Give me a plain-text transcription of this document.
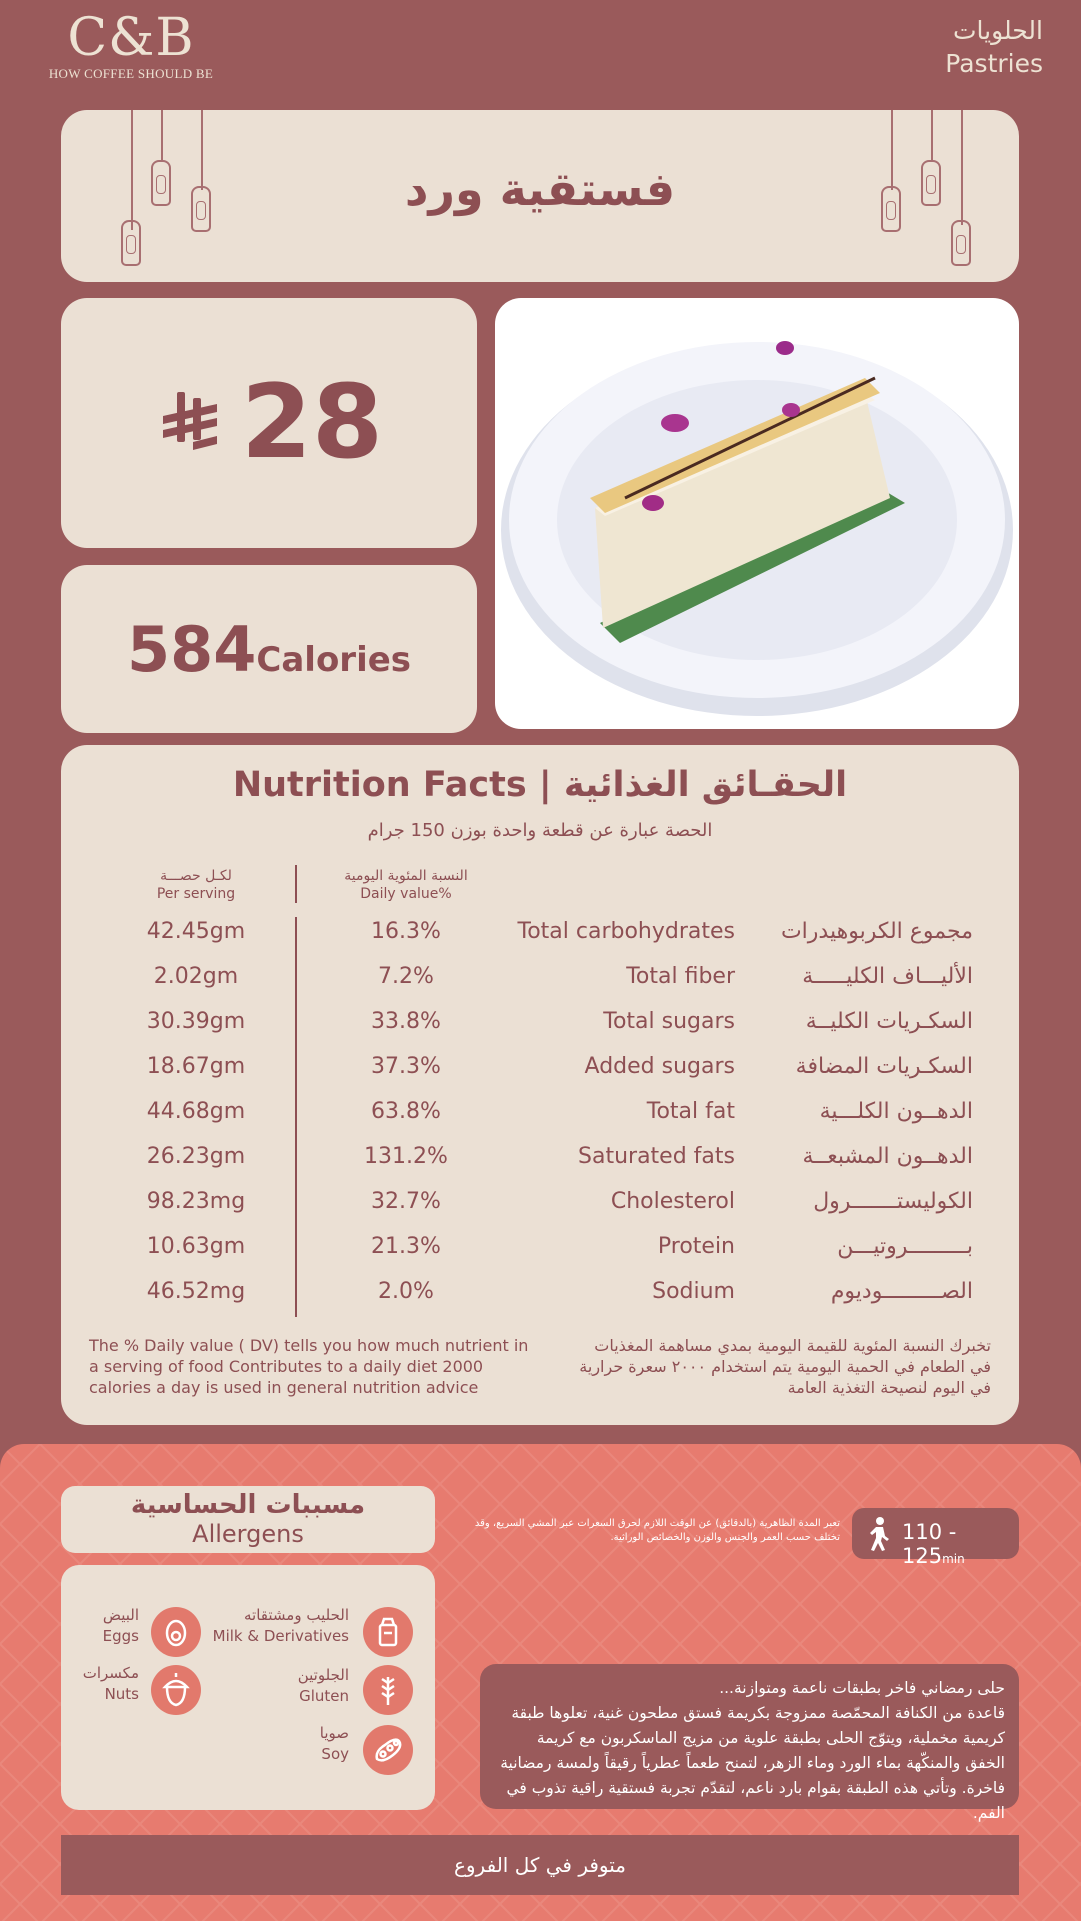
C&B
HOW COFFEE SHOULD BE
الحلويات
Pastries
فستقية ورد
28
584Calories
Nutrition Facts | الحقـائق الغذائية
الحصة عبارة عن قطعة واحدة بوزن 150 جرام
لكـل حصـــة
Per serving
النسبة المئوية اليومية
Daily value%
42.45gm	16.3%	Total carbohydrates مجموع الكربوهيدرات
2.02gm	7.2%	Total fiber	الأليـــاف الكليـــــة
30.39gm	33.8%	Total sugars	السكـريات الكليــة
18.67gm	37.3%	Added sugars	السكـريات المضافة
44.68gm	63.8%	Total fat	الدهــون الكلـــية
26.23gm	131.2%	Saturated fats	الدهــون المشبعــة
98.23mg	32.7%	Cholesterol	الكوليستـــــــرول
10.63gm	21.3%	Protein	بـــــــــروتيـــن
46.52mg	2.0%	Sodium	الصـــــــــوديوم
The % Daily value ( DV) tells you how much nutrient in a serving of food Contributes to a daily diet 2000 calories a day is used in general nutrition advice
تخبرك النسبة المئوية للقيمة اليومية بمدي مساهمة المغذيات في الطعام في الحمية اليومية يتم استخدام ٢٠٠٠ سعرة حرارية في اليوم لنصيحة التغذية العامة
مسببات الحساسية
Allergens
الحليب ومشتقاته
Milk & Derivatives
البيض
Eggs
الجلوتين
Gluten
مكسرات
Nuts
صويا
Soy
110 - 125min
تعبر المدة الظاهرية (بالدقائق) عن الوقت اللازم لحرق السعرات عبر المشي السريع، وقد تختلف حسب العمر والجنس والوزن والخصائص الوراثية.
حلى رمضاني فاخر بطبقات ناعمة ومتوازنة...
قاعدة من الكنافة المحمّصة ممزوجة بكريمة فستق مطحون غنية، تعلوها طبقة كريمية مخملية، ويتوّج الحلى بطبقة علوية من مزيج الماسكربون مع كريمة الخفق والمنكّهة بماء الورد وماء الزهر، لتمنح طعماً عطرياً رقيقاً ولمسة رمضانية فاخرة. وتأتي هذه الطبقة بقوام بارد ناعم، لتقدّم تجربة فستقية راقية تذوب في الفم.
متوفر في كل الفروع
